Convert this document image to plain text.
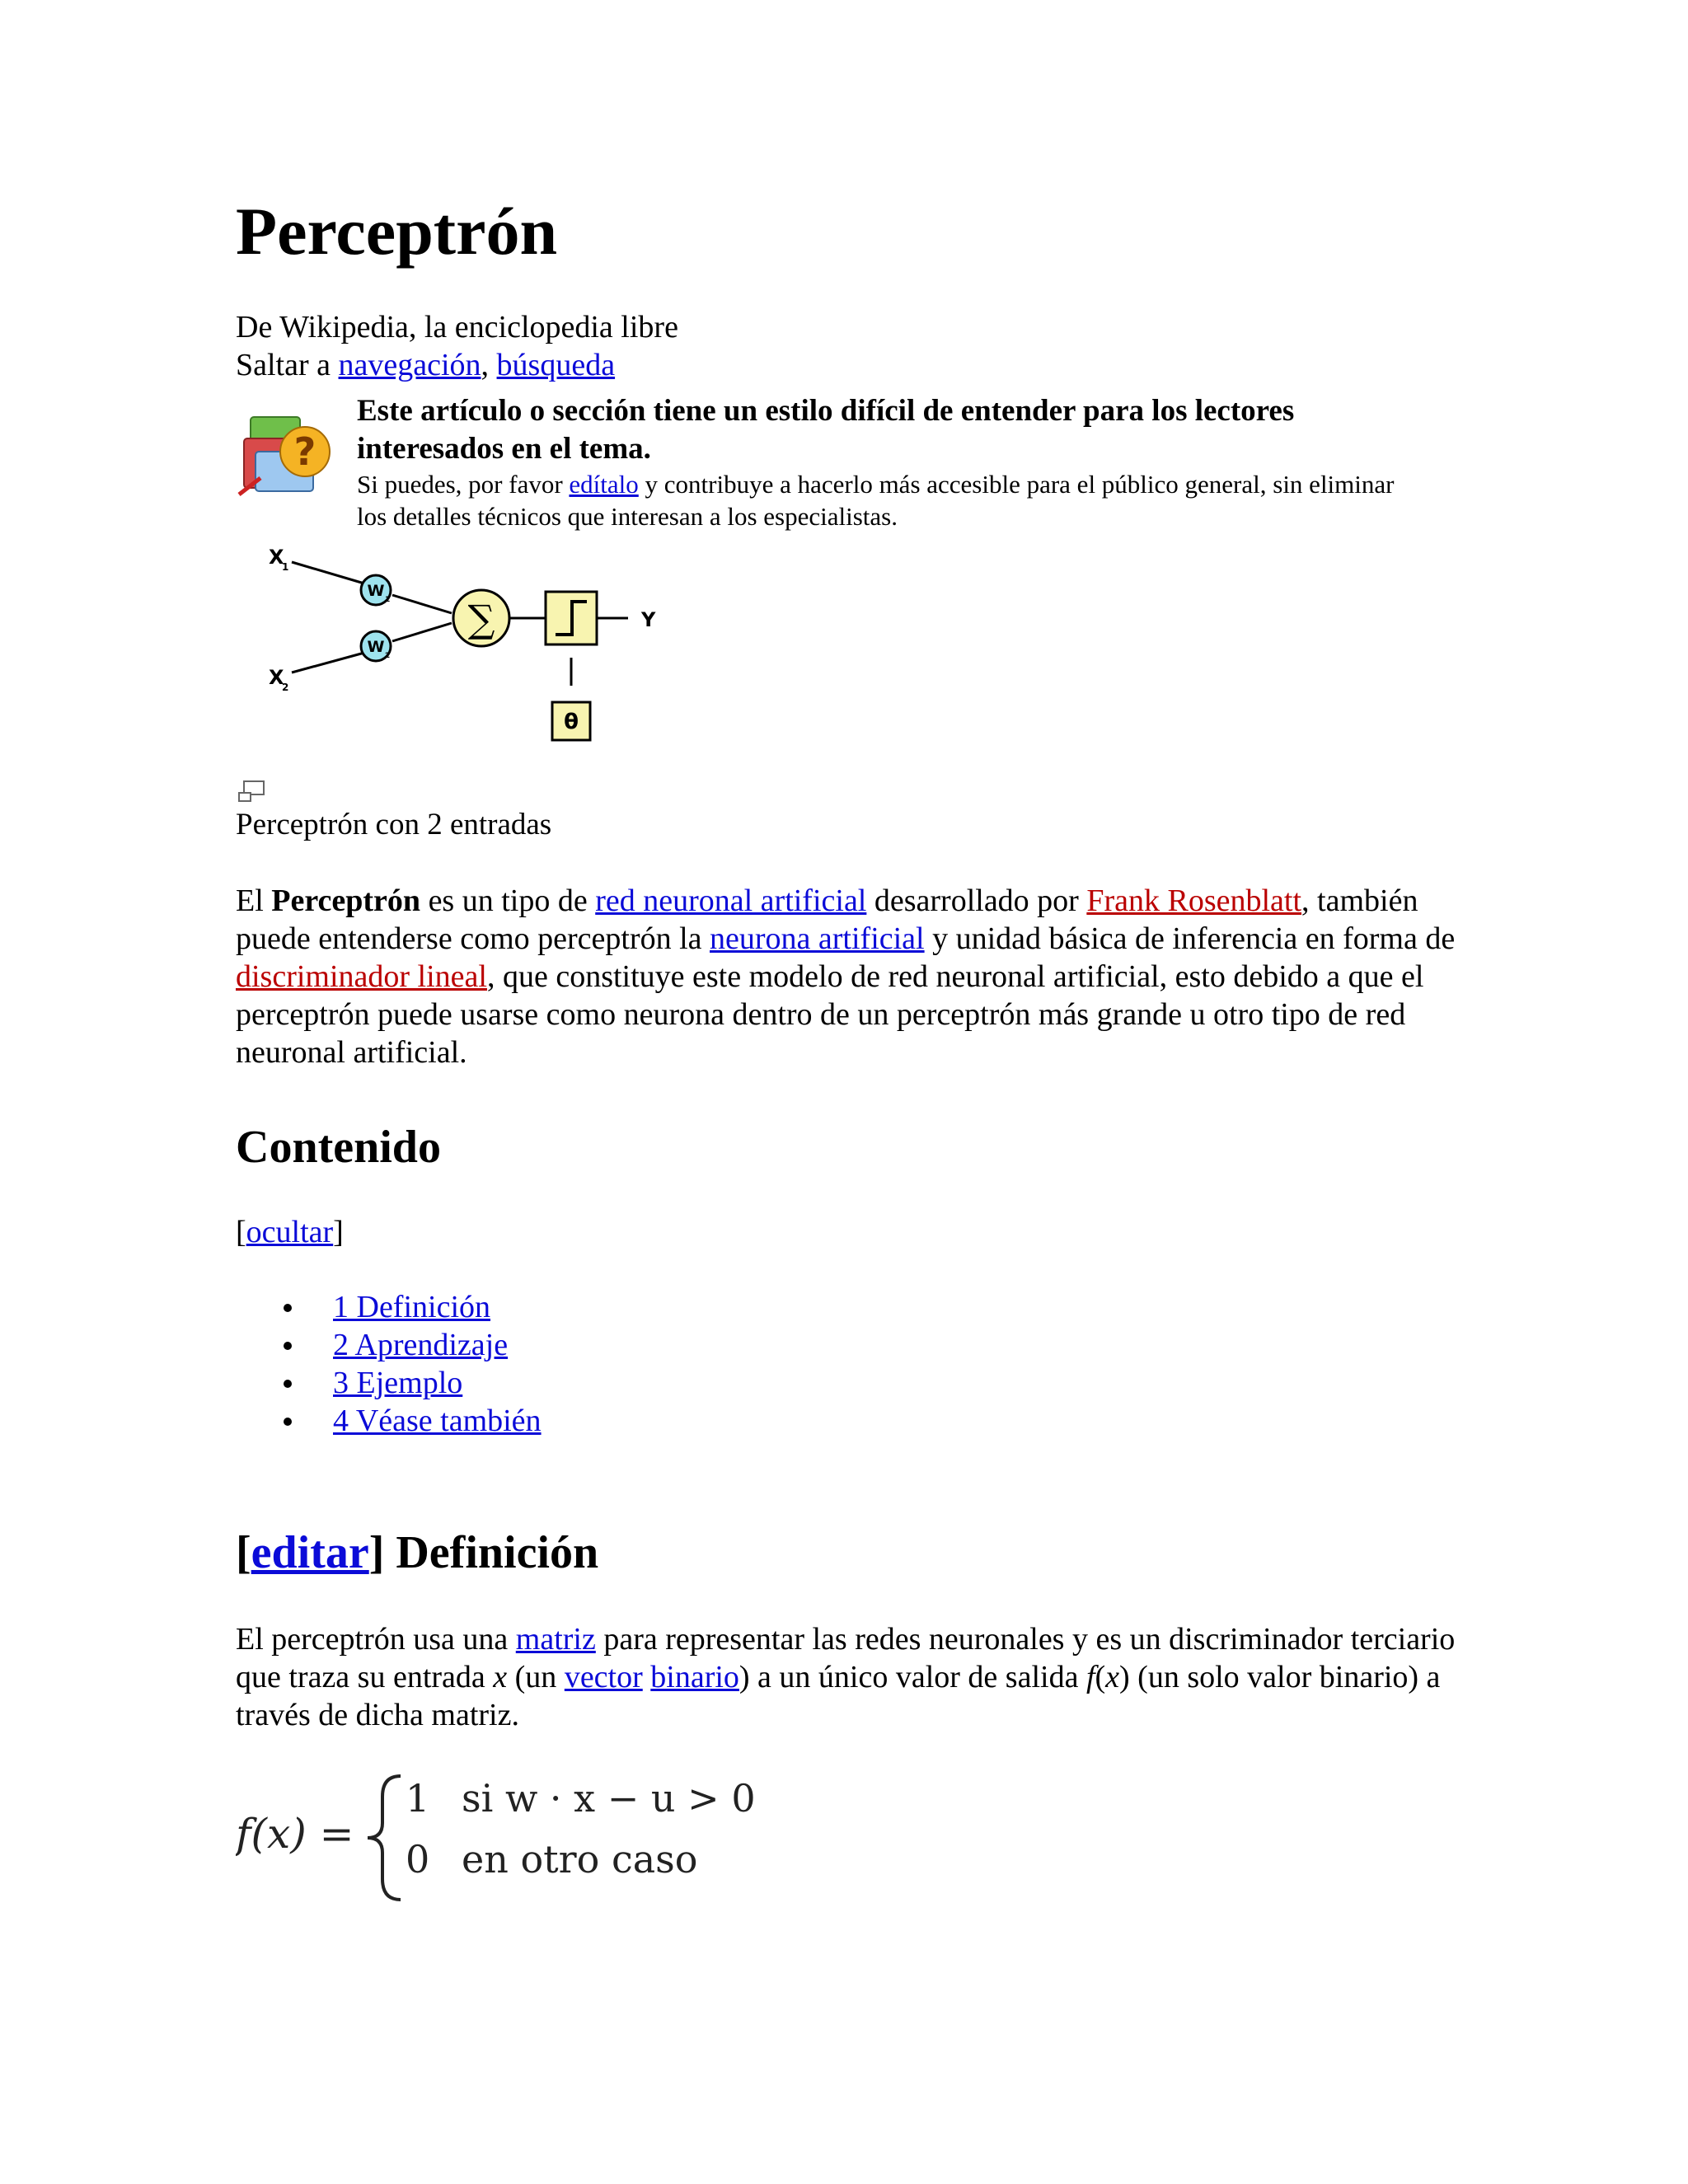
Perceptrón
De Wikipedia, la enciclopedia libre
Saltar a navegación, búsqueda
?
Este artículo o sección tiene un estilo difícil de entender para los lectores interesados en el tema.
Si puedes, por favor edítalo y contribuye a hacerlo más accesible para el público general, sin eliminar los detalles técnicos que interesan a los especialistas.
X
1
X
2
W 1
W 2
∑	Y
θ
Perceptrón con 2 entradas
El Perceptrón es un tipo de red neuronal artificial desarrollado por Frank Rosenblatt, también puede entenderse como perceptrón la neurona artificial y unidad básica de inferencia en forma de discriminador lineal, que constituye este modelo de red neuronal artificial, esto debido a que el perceptrón puede usarse como neurona dentro de un perceptrón más grande u otro tipo de red neuronal artificial.
Contenido
[ocultar]
1 Definición
2 Aprendizaje
3 Ejemplo
4 Véase también
[editar] Definición
El perceptrón usa una matriz para representar las redes neuronales y es un discriminador terciario que traza su entrada x (un vector binario) a un único valor de salida f(x) (un solo valor binario) a través de dicha matriz.
f(x) =
1 si w · x − u > 0
0 en otro caso
